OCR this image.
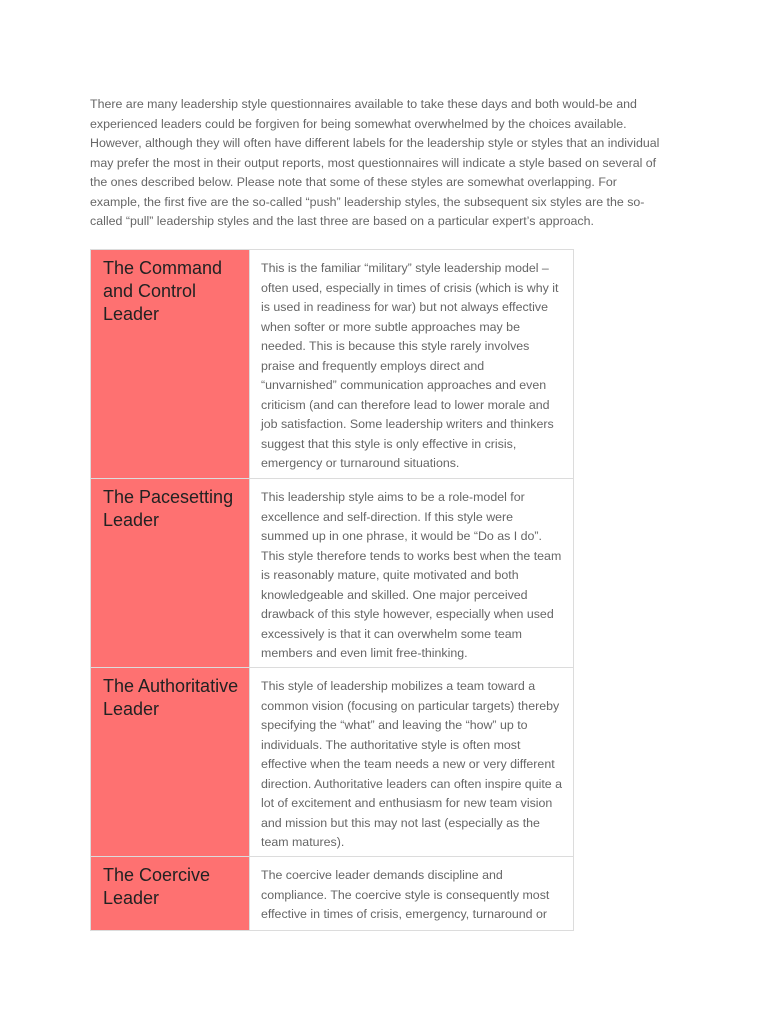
There are many leadership style questionnaires available to take these days and both would-be and experienced leaders could be forgiven for being somewhat overwhelmed by the choices available. However, although they will often have different labels for the leadership style or styles that an individual may prefer the most in their output reports, most questionnaires will indicate a style based on several of the ones described below. Please note that some of these styles are somewhat overlapping. For example, the first five are the so-called “push” leadership styles, the subsequent six styles are the so-called “pull” leadership styles and the last three are based on a particular expert’s approach.

The Command and Control Leader	This is the familiar “military” style leadership model – often used, especially in times of crisis (which is why it is used in readiness for war) but not always effective when softer or more subtle approaches may be needed. This is because this style rarely involves praise and frequently employs direct and “unvarnished” communication approaches and even criticism (and can therefore lead to lower morale and job satisfaction. Some leadership writers and thinkers suggest that this style is only effective in crisis, emergency or turnaround situations.

The Pacesetting Leader	This leadership style aims to be a role-model for excellence and self-direction. If this style were summed up in one phrase, it would be “Do as I do”. This style therefore tends to works best when the team is reasonably mature, quite motivated and both knowledgeable and skilled. One major perceived drawback of this style however, especially when used excessively is that it can overwhelm some team members and even limit free-thinking.

The Authoritative Leader	This style of leadership mobilizes a team toward a common vision (focusing on particular targets) thereby specifying the “what” and leaving the “how” up to individuals. The authoritative style is often most effective when the team needs a new or very different direction. Authoritative leaders can often inspire quite a lot of excitement and enthusiasm for new team vision and mission but this may not last (especially as the team matures).

The Coercive Leader	The coercive leader demands discipline and compliance. The coercive style is consequently most effective in times of crisis, emergency, turnaround or
